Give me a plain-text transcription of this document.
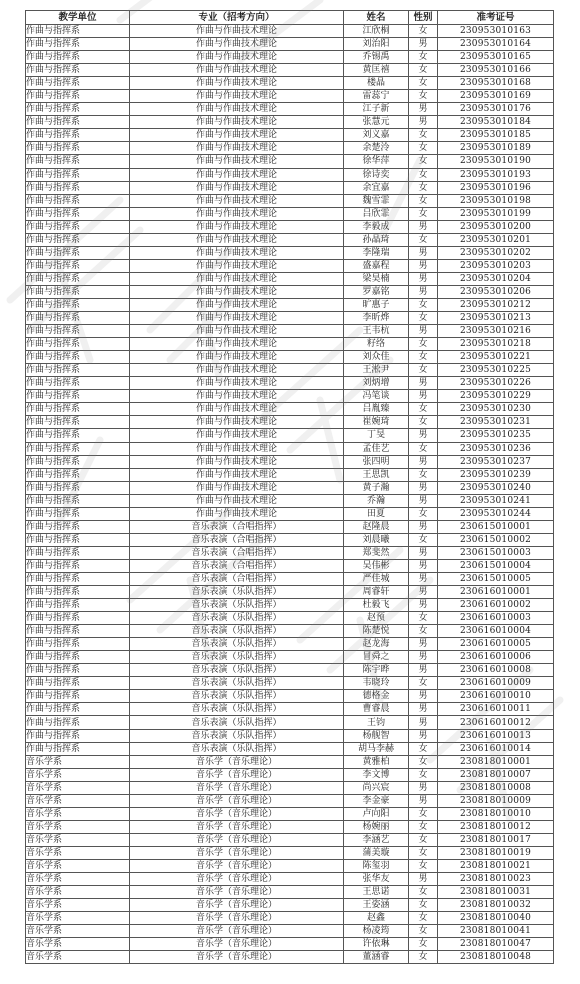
教学单位	专业（招考方向）	姓名	性别	准考证号
作曲与指挥系	作曲与作曲技术理论	江欣桐	女	230953010163
作曲与指挥系	作曲与作曲技术理论	刘治阳	男	230953010164
作曲与指挥系	作曲与作曲技术理论	乔锡禹	女	230953010165
作曲与指挥系	作曲与作曲技术理论	黄匡禧	女	230953010166
作曲与指挥系	作曲与作曲技术理论	楼晶	女	230953010168
作曲与指挥系	作曲与作曲技术理论	雷蕊宁	女	230953010169
作曲与指挥系	作曲与作曲技术理论	江子新	男	230953010176
作曲与指挥系	作曲与作曲技术理论	张慧元	男	230953010184
作曲与指挥系	作曲与作曲技术理论	刘义嘉	女	230953010185
作曲与指挥系	作曲与作曲技术理论	余楚泠	女	230953010189
作曲与指挥系	作曲与作曲技术理论	徐华萍	女	230953010190
作曲与指挥系	作曲与作曲技术理论	徐诗奕	女	230953010193
作曲与指挥系	作曲与作曲技术理论	余宜嘉	女	230953010196
作曲与指挥系	作曲与作曲技术理论	魏雪霏	女	230953010198
作曲与指挥系	作曲与作曲技术理论	吕欣霏	女	230953010199
作曲与指挥系	作曲与作曲技术理论	李毅成	男	230953010200
作曲与指挥系	作曲与作曲技术理论	孙晶琦	女	230953010201
作曲与指挥系	作曲与作曲技术理论	李隆瑞	男	230953010202
作曲与指挥系	作曲与作曲技术理论	盛嘉程	男	230953010203
作曲与指挥系	作曲与作曲技术理论	梁昊楠	男	230953010204
作曲与指挥系	作曲与作曲技术理论	罗嘉铭	男	230953010206
作曲与指挥系	作曲与作曲技术理论	旷惠子	女	230953010212
作曲与指挥系	作曲与作曲技术理论	李昕烨	女	230953010213
作曲与指挥系	作曲与作曲技术理论	王韦杭	男	230953010216
作曲与指挥系	作曲与作曲技术理论	籽络	女	230953010218
作曲与指挥系	作曲与作曲技术理论	刘众佳	女	230953010221
作曲与指挥系	作曲与作曲技术理论	王淞尹	女	230953010225
作曲与指挥系	作曲与作曲技术理论	刘炳增	男	230953010226
作曲与指挥系	作曲与作曲技术理论	冯笔谈	男	230953010229
作曲与指挥系	作曲与作曲技术理论	吕胤臻	女	230953010230
作曲与指挥系	作曲与作曲技术理论	崔婉琦	女	230953010231
作曲与指挥系	作曲与作曲技术理论	丁旻	男	230953010235
作曲与指挥系	作曲与作曲技术理论	孟佳艺	女	230953010236
作曲与指挥系	作曲与作曲技术理论	张四明	男	230953010237
作曲与指挥系	作曲与作曲技术理论	王思凯	女	230953010239
作曲与指挥系	作曲与作曲技术理论	黄子瀚	男	230953010240
作曲与指挥系	作曲与作曲技术理论	乔瀚	男	230953010241
作曲与指挥系	作曲与作曲技术理论	田夏	女	230953010244
作曲与指挥系	音乐表演（合唱指挥）	赵隆晨	男	230615010001
作曲与指挥系	音乐表演（合唱指挥）	刘晨曦	女	230615010002
作曲与指挥系	音乐表演（合唱指挥）	郑斐然	男	230615010003
作曲与指挥系	音乐表演（合唱指挥）	吴伟彬	男	230615010004
作曲与指挥系	音乐表演（合唱指挥）	严佳城	男	230615010005
作曲与指挥系	音乐表演（乐队指挥）	周睿轩	男	230616010001
作曲与指挥系	音乐表演（乐队指挥）	杜毅飞	男	230616010002
作曲与指挥系	音乐表演（乐队指挥）	赵预	女	230616010003
作曲与指挥系	音乐表演（乐队指挥）	陈楚悦	女	230616010004
作曲与指挥系	音乐表演（乐队指挥）	赵龙海	男	230616010005
作曲与指挥系	音乐表演（乐队指挥）	冒舜之	男	230616010006
作曲与指挥系	音乐表演（乐队指挥）	陈宇晔	男	230616010008
作曲与指挥系	音乐表演（乐队指挥）	韦晓玲	女	230616010009
作曲与指挥系	音乐表演（乐队指挥）	德格金	男	230616010010
作曲与指挥系	音乐表演（乐队指挥）	曹睿晨	男	230616010011
作曲与指挥系	音乐表演（乐队指挥）	王钧	男	230616010012
作曲与指挥系	音乐表演（乐队指挥）	杨舰智	男	230616010013
作曲与指挥系	音乐表演（乐队指挥）	胡马李赫	女	230616010014
音乐学系	音乐学（音乐理论）	黄雅柏	女	230818010001
音乐学系	音乐学（音乐理论）	李文博	女	230818010007
音乐学系	音乐学（音乐理论）	尚兴宸	男	230818010008
音乐学系	音乐学（音乐理论）	李金豪	男	230818010009
音乐学系	音乐学（音乐理论）	卢向阳	女	230818010010
音乐学系	音乐学（音乐理论）	杨婉丽	女	230818010012
音乐学系	音乐学（音乐理论）	李涵艺	女	230818010017
音乐学系	音乐学（音乐理论）	蒲美璇	女	230818010019
音乐学系	音乐学（音乐理论）	陈玺羽	女	230818010021
音乐学系	音乐学（音乐理论）	张华友	男	230818010023
音乐学系	音乐学（音乐理论）	王思诺	女	230818010031
音乐学系	音乐学（音乐理论）	王姿涵	女	230818010032
音乐学系	音乐学（音乐理论）	赵鑫	女	230818010040
音乐学系	音乐学（音乐理论）	杨凌筠	女	230818010041
音乐学系	音乐学（音乐理论）	许依琳	女	230818010047
音乐学系	音乐学（音乐理论）	董涵睿	女	230818010048
